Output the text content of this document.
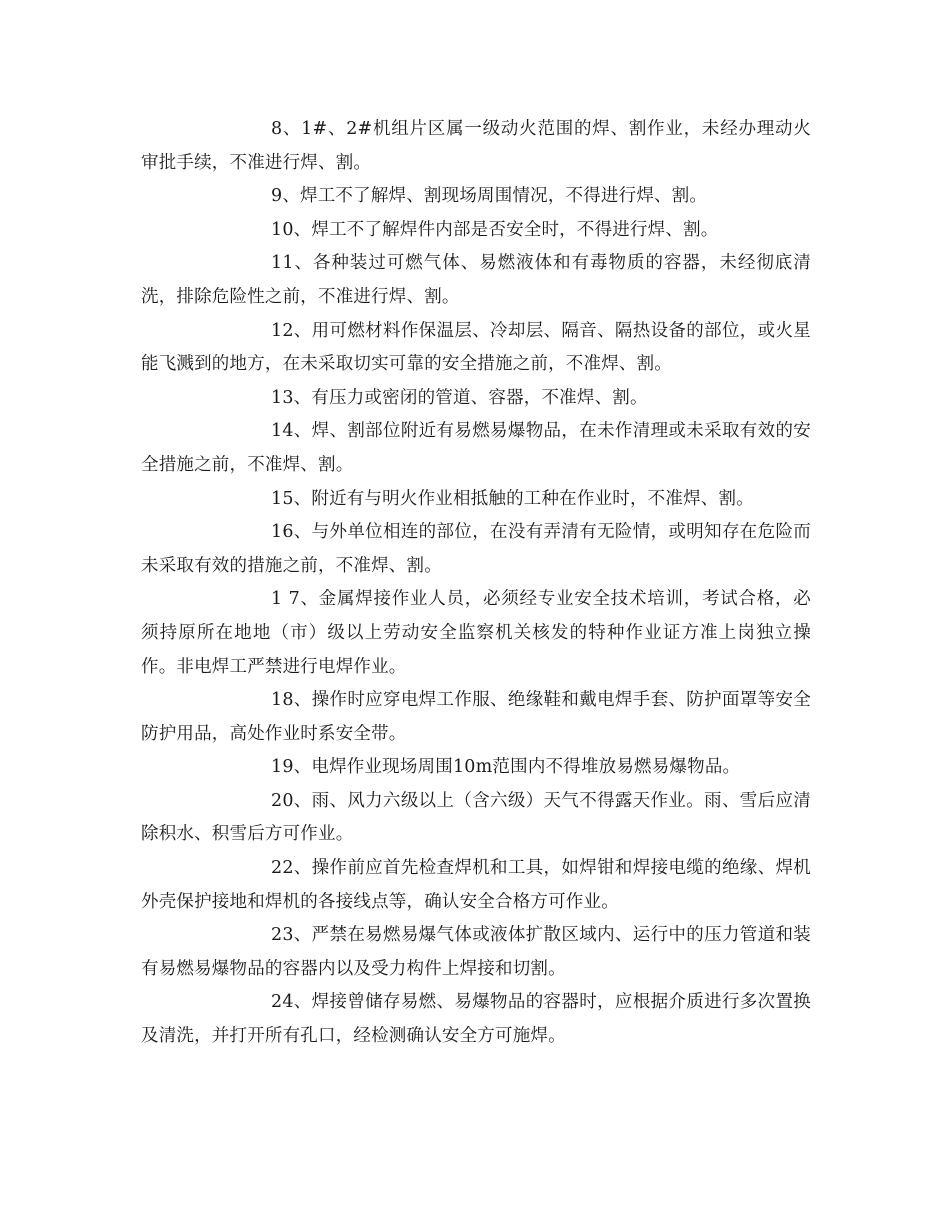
8、1#、2#机组片区属一级动火范围的焊、割作业，未经办理动火审批手续，不准进行焊、割。

9、焊工不了解焊、割现场周围情况，不得进行焊、割。

10、焊工不了解焊件内部是否安全时，不得进行焊、割。

11、各种装过可燃气体、易燃液体和有毒物质的容器，未经彻底清洗，排除危险性之前，不准进行焊、割。

12、用可燃材料作保温层、冷却层、隔音、隔热设备的部位，或火星能飞溅到的地方，在未采取切实可靠的安全措施之前，不准焊、割。

13、有压力或密闭的管道、容器，不准焊、割。

14、焊、割部位附近有易燃易爆物品，在未作清理或未采取有效的安全措施之前，不准焊、割。

15、附近有与明火作业相抵触的工种在作业时，不准焊、割。

16、与外单位相连的部位，在没有弄清有无险情，或明知存在危险而未采取有效的措施之前，不准焊、割。

1 7、金属焊接作业人员，必须经专业安全技术培训，考试合格，必须持原所在地地（市）级以上劳动安全监察机关核发的特种作业证方准上岗独立操作。非电焊工严禁进行电焊作业。

18、操作时应穿电焊工作服、绝缘鞋和戴电焊手套、防护面罩等安全防护用品，高处作业时系安全带。

19、电焊作业现场周围10m范围内不得堆放易燃易爆物品。

20、雨、风力六级以上（含六级）天气不得露天作业。雨、雪后应清除积水、积雪后方可作业。

22、操作前应首先检查焊机和工具，如焊钳和焊接电缆的绝缘、焊机外壳保护接地和焊机的各接线点等，确认安全合格方可作业。

23、严禁在易燃易爆气体或液体扩散区域内、运行中的压力管道和装有易燃易爆物品的容器内以及受力构件上焊接和切割。

24、焊接曾储存易燃、易爆物品的容器时，应根据介质进行多次置换及清洗，并打开所有孔口，经检测确认安全方可施焊。
